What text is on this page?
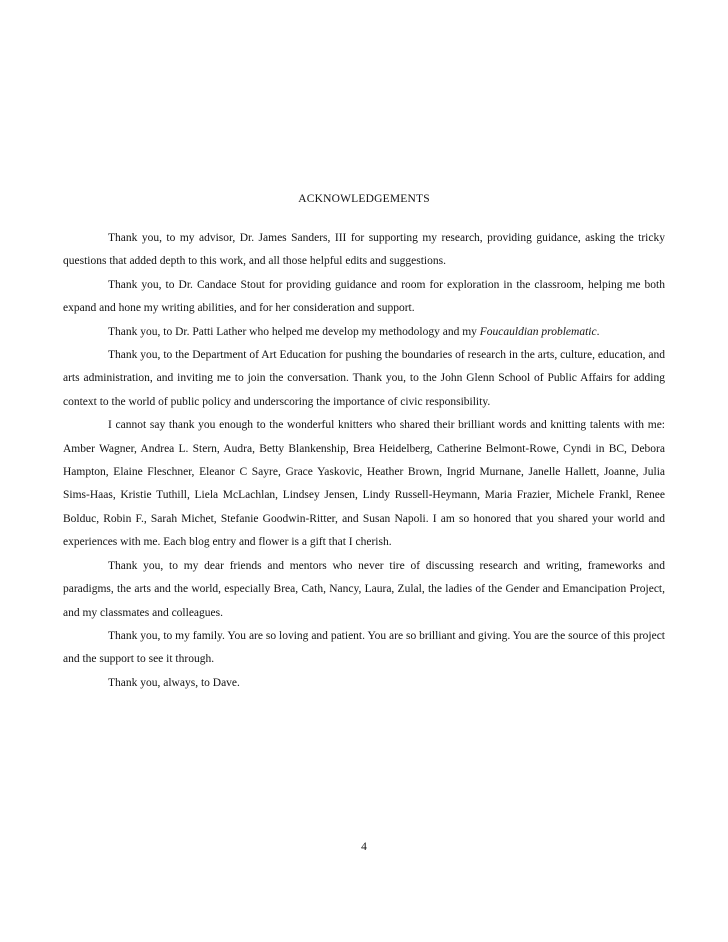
ACKNOWLEDGEMENTS

Thank you, to my advisor, Dr. James Sanders, III for supporting my research, providing guidance, asking the tricky questions that added depth to this work, and all those helpful edits and suggestions.

Thank you, to Dr. Candace Stout for providing guidance and room for exploration in the classroom, helping me both expand and hone my writing abilities, and for her consideration and support.

Thank you, to Dr. Patti Lather who helped me develop my methodology and my Foucauldian problematic.

Thank you, to the Department of Art Education for pushing the boundaries of research in the arts, culture, education, and arts administration, and inviting me to join the conversation. Thank you, to the John Glenn School of Public Affairs for adding context to the world of public policy and underscoring the importance of civic responsibility.

I cannot say thank you enough to the wonderful knitters who shared their brilliant words and knitting talents with me: Amber Wagner, Andrea L. Stern, Audra, Betty Blankenship, Brea Heidelberg, Catherine Belmont-Rowe, Cyndi in BC, Debora Hampton, Elaine Fleschner, Eleanor C Sayre, Grace Yaskovic, Heather Brown, Ingrid Murnane, Janelle Hallett, Joanne, Julia Sims-Haas, Kristie Tuthill, Liela McLachlan, Lindsey Jensen, Lindy Russell-Heymann, Maria Frazier, Michele Frankl, Renee Bolduc, Robin F., Sarah Michet, Stefanie Goodwin-Ritter, and Susan Napoli. I am so honored that you shared your world and experiences with me. Each blog entry and flower is a gift that I cherish.

Thank you, to my dear friends and mentors who never tire of discussing research and writing, frameworks and paradigms, the arts and the world, especially Brea, Cath, Nancy, Laura, Zulal, the ladies of the Gender and Emancipation Project, and my classmates and colleagues.

Thank you, to my family. You are so loving and patient. You are so brilliant and giving. You are the source of this project and the support to see it through.

Thank you, always, to Dave.

4
